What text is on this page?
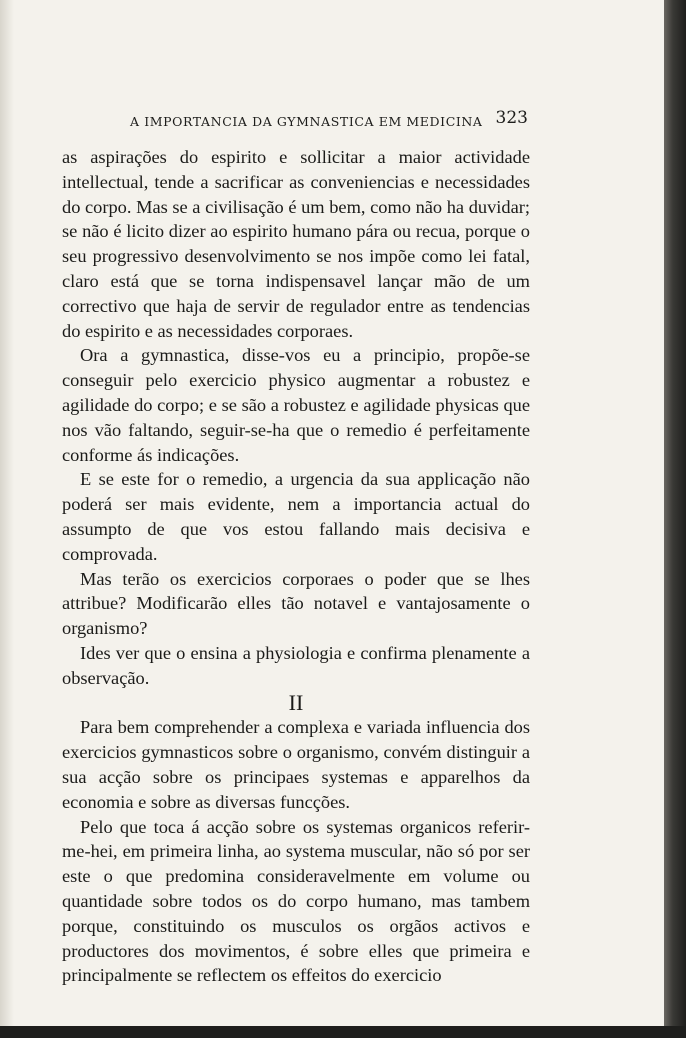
A IMPORTANCIA DA GYMNASTICA EM MEDICINA 323

as aspirações do espirito e sollicitar a maior actividade intellectual, tende a sacrificar as conveniencias e necessidades do corpo. Mas se a civilisação é um bem, como não ha duvidar; se não é licito dizer ao espirito humano pára ou recua, porque o seu progressivo desenvolvimento se nos impõe como lei fatal, claro está que se torna indispensavel lançar mão de um correctivo que haja de servir de regulador entre as tendencias do espirito e as necessidades corporaes.

Ora a gymnastica, disse-vos eu a principio, propõe-se conseguir pelo exercicio physico augmentar a robustez e agilidade do corpo; e se são a robustez e agilidade physicas que nos vão faltando, seguir-se-ha que o remedio é perfeitamente conforme ás indicações.

E se este for o remedio, a urgencia da sua applicação não poderá ser mais evidente, nem a importancia actual do assumpto de que vos estou fallando mais decisiva e comprovada.

Mas terão os exercicios corporaes o poder que se lhes attribue? Modificarão elles tão notavel e vantajosamente o organismo?

Ides ver que o ensina a physiologia e confirma plenamente a observação.

II

Para bem comprehender a complexa e variada influencia dos exercicios gymnasticos sobre o organismo, convém distinguir a sua acção sobre os principaes systemas e apparelhos da economia e sobre as diversas funcções.

Pelo que toca á acção sobre os systemas organicos referir-me-hei, em primeira linha, ao systema muscular, não só por ser este o que predomina consideravelmente em volume ou quantidade sobre todos os do corpo humano, mas tambem porque, constituindo os musculos os orgãos activos e productores dos movimentos, é sobre elles que primeira e principalmente se reflectem os effeitos do exercicio
